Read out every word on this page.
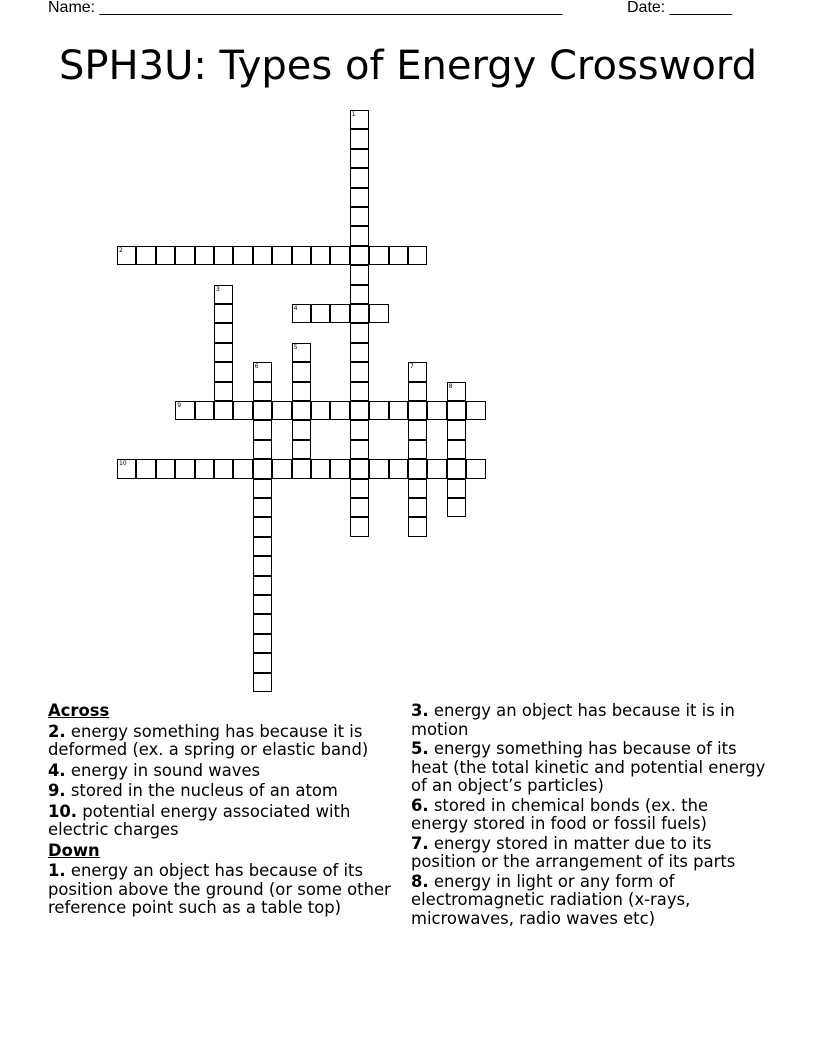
Name: ____________________________________________________	Date: _______
SPH3U: Types of Energy Crossword
1
2
3
4
5
6	7
8
9
10
Across
2. energy something has because it is deformed (ex. a spring or elastic band)
4. energy in sound waves
9. stored in the nucleus of an atom
10. potential energy associated with electric charges
Down
1. energy an object has because of its position above the ground (or some other reference point such as a table top)
3. energy an object has because it is in motion
5. energy something has because of its heat (the total kinetic and potential energy of an object’s particles)
6. stored in chemical bonds (ex. the energy stored in food or fossil fuels)
7. energy stored in matter due to its position or the arrangement of its parts
8. energy in light or any form of electromagnetic radiation (x-rays, microwaves, radio waves etc)
